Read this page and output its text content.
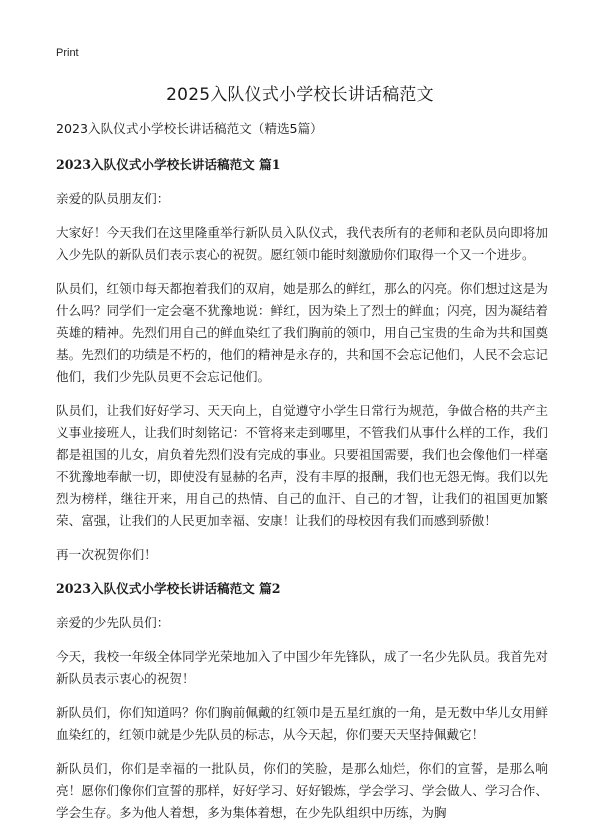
Print
2025入队仪式小学校长讲话稿范文

2023入队仪式小学校长讲话稿范文（精选5篇）

2023入队仪式小学校长讲话稿范文 篇1

亲爱的队员朋友们：

大家好！今天我们在这里隆重举行新队员入队仪式，我代表所有的老师和老队员向即将加入少先队的新队员们表示衷心的祝贺。愿红领巾能时刻激励你们取得一个又一个进步。

队员们，红领巾每天都抱着我们的双肩，她是那么的鲜红，那么的闪亮。你们想过这是为什么吗？同学们一定会毫不犹豫地说：鲜红，因为染上了烈士的鲜血；闪亮，因为凝结着英雄的精神。先烈们用自己的鲜血染红了我们胸前的领巾，用自己宝贵的生命为共和国奠基。先烈们的功绩是不朽的，他们的精神是永存的，共和国不会忘记他们，人民不会忘记他们，我们少先队员更不会忘记他们。

队员们，让我们好好学习、天天向上，自觉遵守小学生日常行为规范，争做合格的共产主义事业接班人，让我们时刻铭记：不管将来走到哪里，不管我们从事什么样的工作，我们都是祖国的儿女，肩负着先烈们没有完成的事业。只要祖国需要，我们也会像他们一样毫不犹豫地奉献一切，即使没有显赫的名声，没有丰厚的报酬，我们也无怨无悔。我们以先烈为榜样，继往开来，用自己的热情、自己的血汗、自己的才智，让我们的祖国更加繁荣、富强，让我们的人民更加幸福、安康！让我们的母校因有我们而感到骄傲！

再一次祝贺你们！

2023入队仪式小学校长讲话稿范文 篇2

亲爱的少先队员们：

今天，我校一年级全体同学光荣地加入了中国少年先锋队，成了一名少先队员。我首先对新队员表示衷心的祝贺！

新队员们，你们知道吗？你们胸前佩戴的红领巾是五星红旗的一角，是无数中华儿女用鲜血染红的，红领巾就是少先队员的标志，从今天起，你们要天天坚持佩戴它！

新队员们，你们是幸福的一批队员，你们的笑脸，是那么灿烂，你们的宣誓，是那么响亮！愿你们像你们宣誓的那样，好好学习、好好锻炼，学会学习、学会做人、学习合作、学会生存。多为他人着想，多为集体着想，在少先队组织中历练，为胸
